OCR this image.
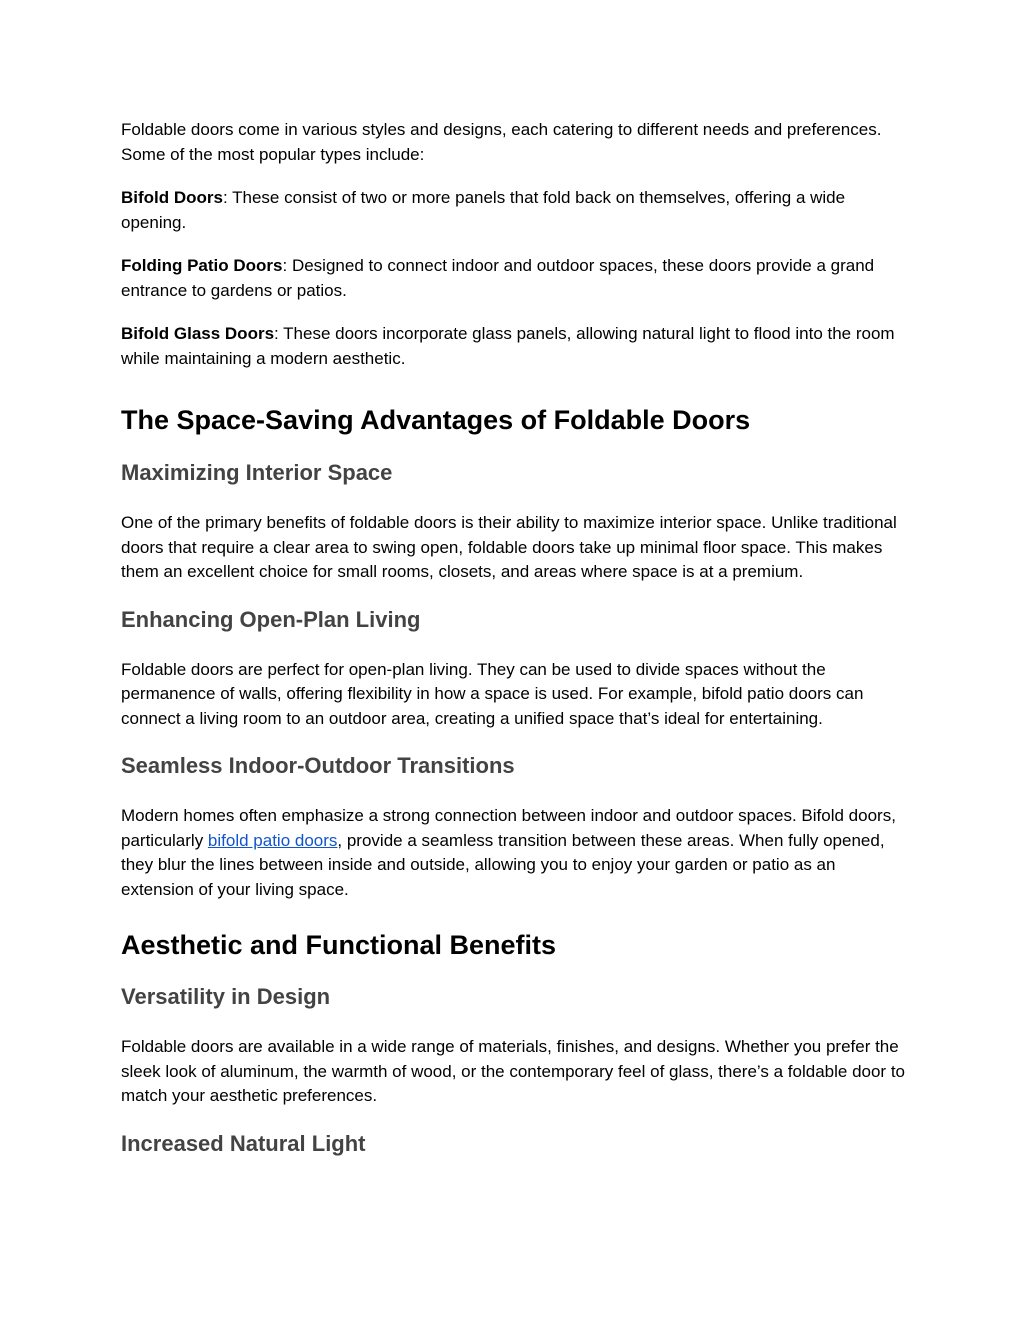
Foldable doors come in various styles and designs, each catering to different needs and preferences. Some of the most popular types include:

Bifold Doors: These consist of two or more panels that fold back on themselves, offering a wide opening.

Folding Patio Doors: Designed to connect indoor and outdoor spaces, these doors provide a grand entrance to gardens or patios.

Bifold Glass Doors: These doors incorporate glass panels, allowing natural light to flood into the room while maintaining a modern aesthetic.

The Space-Saving Advantages of Foldable Doors
Maximizing Interior Space

One of the primary benefits of foldable doors is their ability to maximize interior space. Unlike traditional doors that require a clear area to swing open, foldable doors take up minimal floor space. This makes them an excellent choice for small rooms, closets, and areas where space is at a premium.

Enhancing Open-Plan Living

Foldable doors are perfect for open-plan living. They can be used to divide spaces without the permanence of walls, offering flexibility in how a space is used. For example, bifold patio doors can connect a living room to an outdoor area, creating a unified space that’s ideal for entertaining.

Seamless Indoor-Outdoor Transitions

Modern homes often emphasize a strong connection between indoor and outdoor spaces. Bifold doors, particularly bifold patio doors, provide a seamless transition between these areas. When fully opened, they blur the lines between inside and outside, allowing you to enjoy your garden or patio as an extension of your living space.

Aesthetic and Functional Benefits
Versatility in Design

Foldable doors are available in a wide range of materials, finishes, and designs. Whether you prefer the sleek look of aluminum, the warmth of wood, or the contemporary feel of glass, there’s a foldable door to match your aesthetic preferences.

Increased Natural Light
